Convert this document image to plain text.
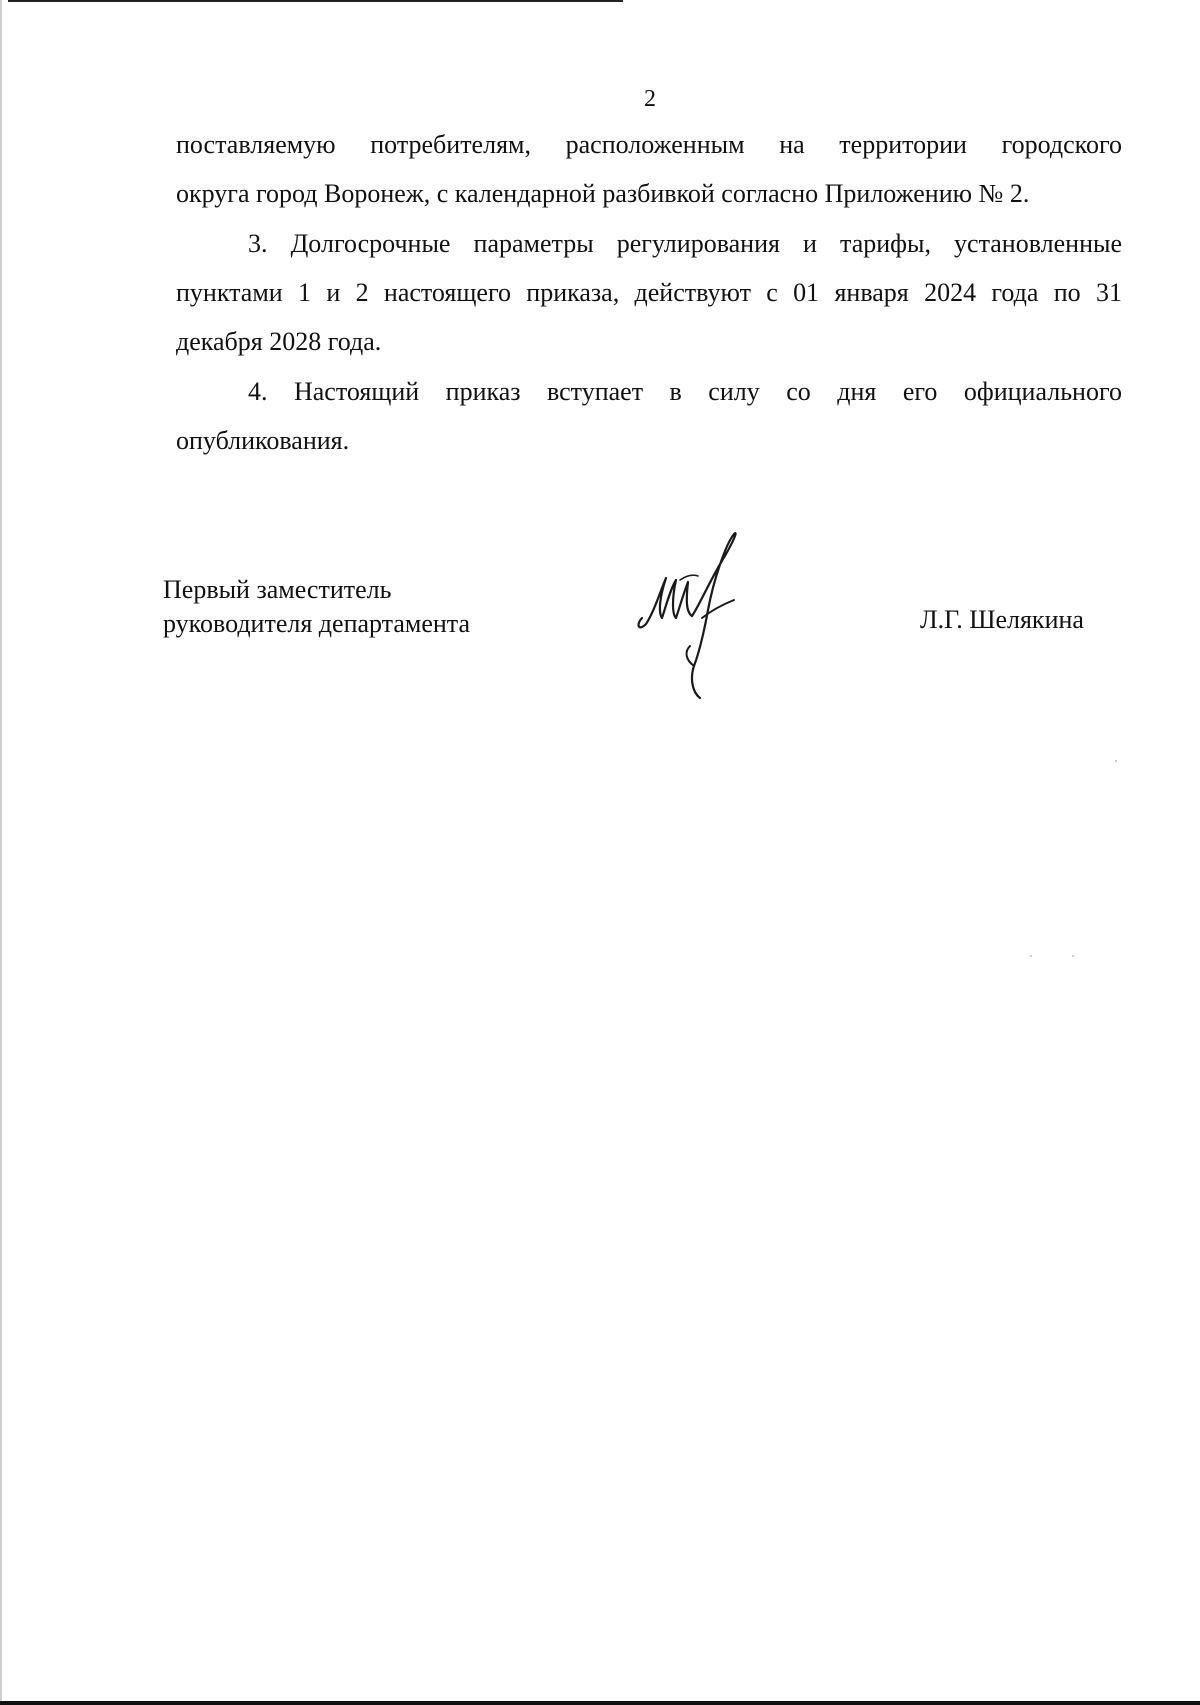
2
поставляемую потребителям, расположенным на территории городского
округа город Воронеж, с календарной разбивкой согласно Приложению № 2.
3. Долгосрочные параметры регулирования и тарифы, установленные
пунктами 1 и 2 настоящего приказа, действуют с 01 января 2024 года по 31
декабря 2028 года.
4. Настоящий приказ вступает в силу со дня его официального
опубликования.
Первый заместитель
руководителя департамента	Л.Г. Шелякина
